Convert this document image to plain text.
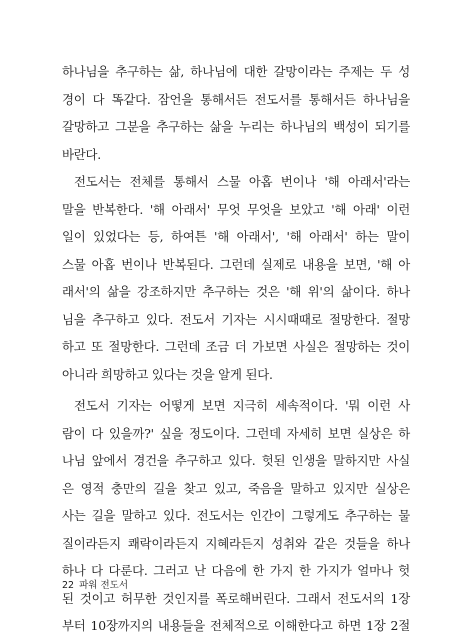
하나님을 추구하는 삶, 하나님에 대한 갈망이라는 주제는 두 성
경이 다 똑같다. 잠언을 통해서든 전도서를 통해서든 하나님을
갈망하고 그분을 추구하는 삶을 누리는 하나님의 백성이 되기를
바란다.
전도서는 전체를 통해서 스물 아홉 번이나 '해 아래서'라는
말을 반복한다. '해 아래서' 무엇 무엇을 보았고 '해 아래' 이런
일이 있었다는 등, 하여튼 '해 아래서', '해 아래서' 하는 말이
스물 아홉 번이나 반복된다. 그런데 실제로 내용을 보면, '해 아
래서'의 삶을 강조하지만 추구하는 것은 '해 위'의 삶이다. 하나
님을 추구하고 있다. 전도서 기자는 시시때때로 절망한다. 절망
하고 또 절망한다. 그런데 조금 더 가보면 사실은 절망하는 것이
아니라 희망하고 있다는 것을 알게 된다.
전도서 기자는 어떻게 보면 지극히 세속적이다. '뭐 이런 사
람이 다 있을까?' 싶을 정도이다. 그런데 자세히 보면 실상은 하
나님 앞에서 경건을 추구하고 있다. 헛된 인생을 말하지만 사실
은 영적 충만의 길을 찾고 있고, 죽음을 말하고 있지만 실상은
사는 길을 말하고 있다. 전도서는 인간이 그렇게도 추구하는 물
질이라든지 쾌락이라든지 지혜라든지 성취와 같은 것들을 하나
하나 다 다룬다. 그러고 난 다음에 한 가지 한 가지가 얼마나 헛
된 것이고 허무한 것인지를 폭로해버린다. 그래서 전도서의 1장
부터 10장까지의 내용들을 전체적으로 이해한다고 하면 1장 2절
22 파워 전도서
